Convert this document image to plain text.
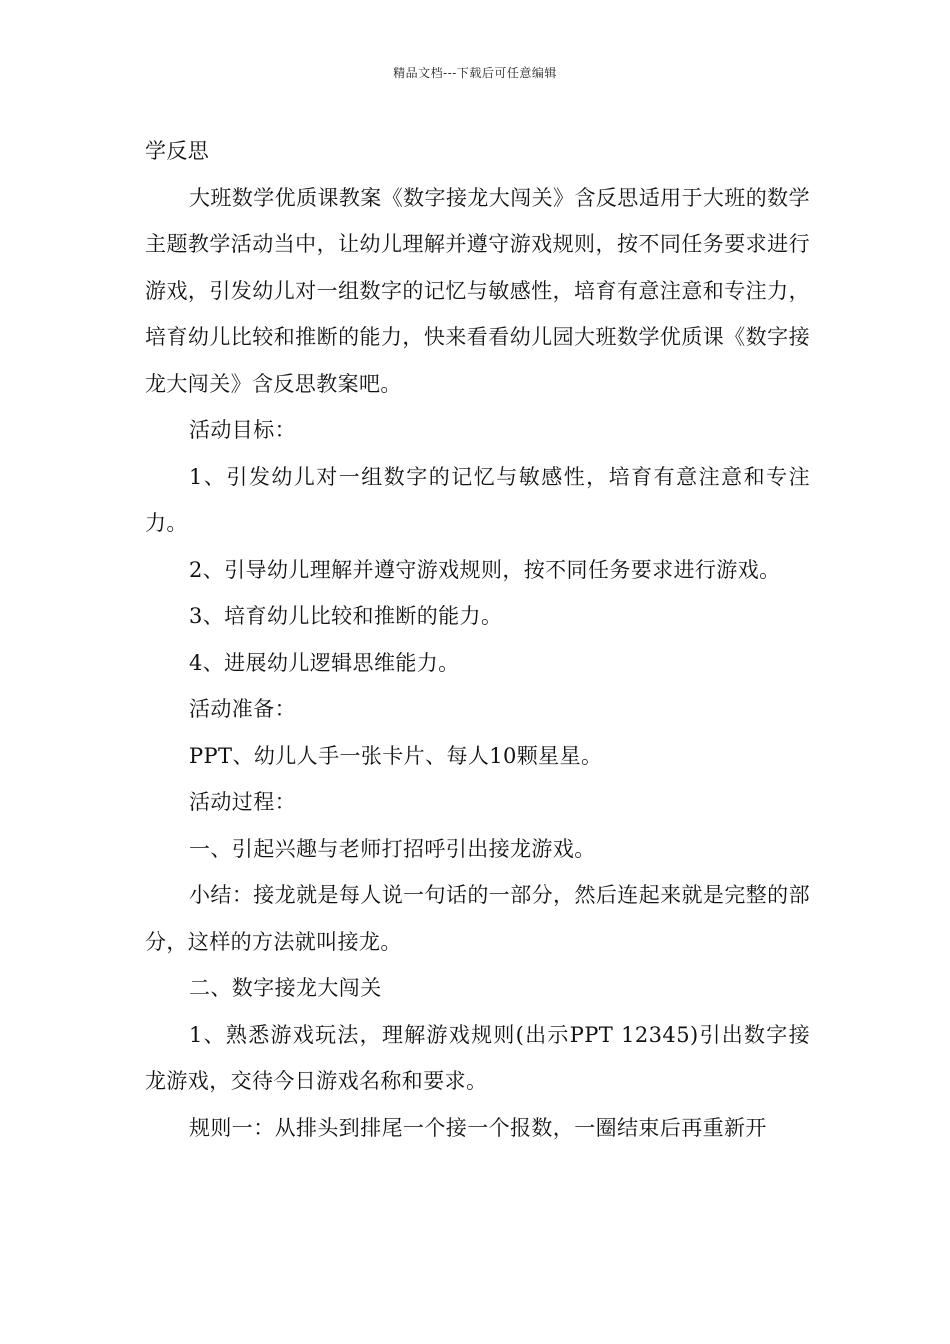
精品文档---下载后可任意编辑

学反思

大班数学优质课教案《数字接龙大闯关》含反思适用于大班的数学主题教学活动当中，让幼儿理解并遵守游戏规则，按不同任务要求进行游戏，引发幼儿对一组数字的记忆与敏感性，培育有意注意和专注力，培育幼儿比较和推断的能力，快来看看幼儿园大班数学优质课《数字接龙大闯关》含反思教案吧。

活动目标：

1、引发幼儿对一组数字的记忆与敏感性，培育有意注意和专注力。

2、引导幼儿理解并遵守游戏规则，按不同任务要求进行游戏。

3、培育幼儿比较和推断的能力。

4、进展幼儿逻辑思维能力。

活动准备：

PPT、幼儿人手一张卡片、每人10颗星星。

活动过程：

一、引起兴趣与老师打招呼引出接龙游戏。

小结：接龙就是每人说一句话的一部分，然后连起来就是完整的部分，这样的方法就叫接龙。

二、数字接龙大闯关

1、熟悉游戏玩法，理解游戏规则(出示PPT 12345)引出数字接龙游戏，交待今日游戏名称和要求。

规则一：从排头到排尾一个接一个报数，一圈结束后再重新开
